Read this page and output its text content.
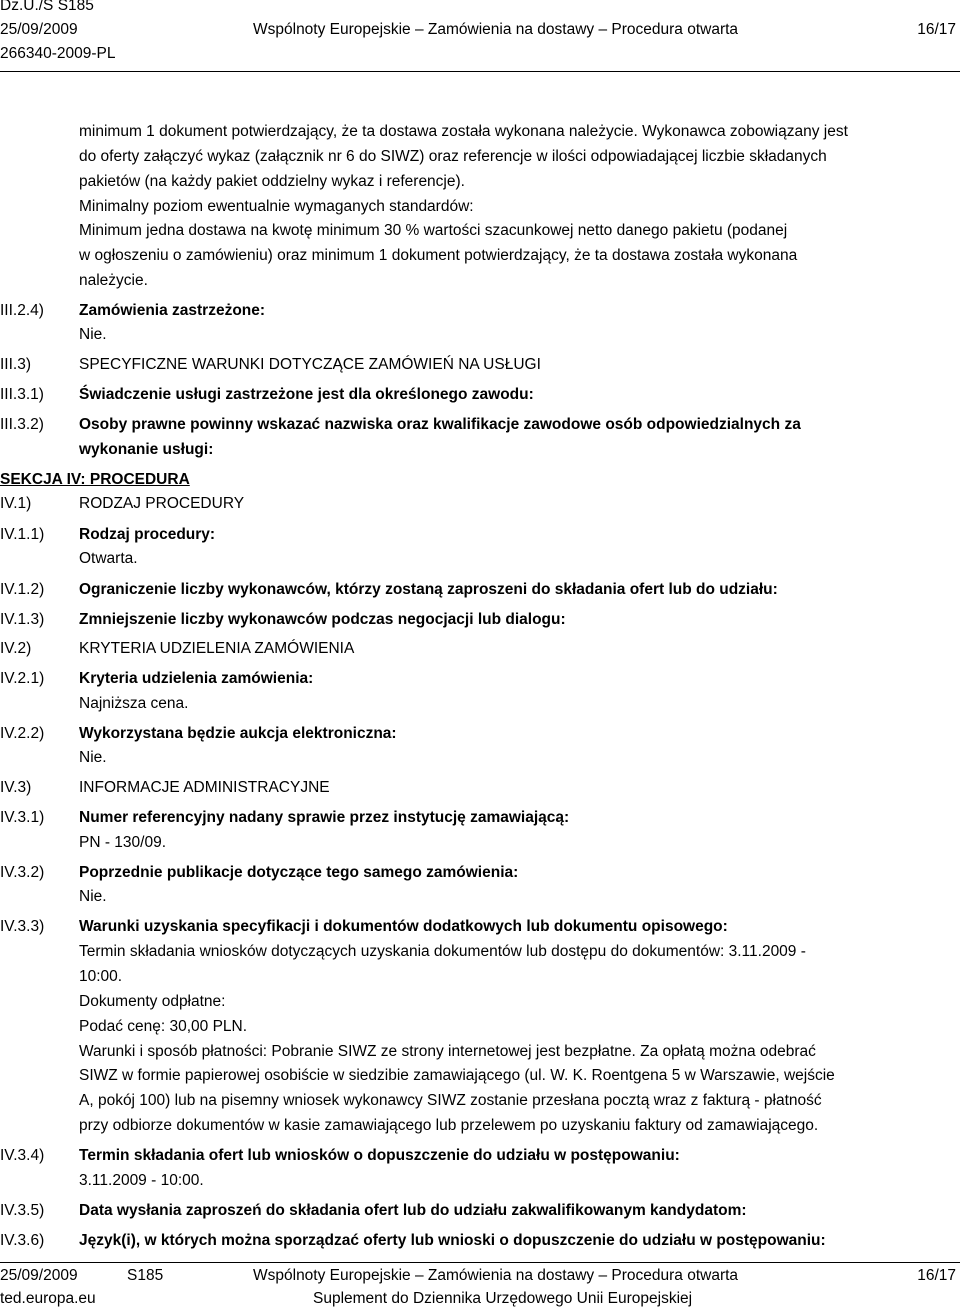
Dz.U./S S185
25/09/2009	Wspólnoty Europejskie – Zamówienia na dostawy – Procedura otwarta	16/17
266340-2009-PL
minimum 1 dokument potwierdzający, że ta dostawa została wykonana należycie. Wykonawca zobowiązany jest
do oferty załączyć wykaz (załącznik nr 6 do SIWZ) oraz referencje w ilości odpowiadającej liczbie składanych
pakietów (na każdy pakiet oddzielny wykaz i referencje).
Minimalny poziom ewentualnie wymaganych standardów:
Minimum jedna dostawa na kwotę minimum 30 % wartości szacunkowej netto danego pakietu (podanej
w ogłoszeniu o zamówieniu) oraz minimum 1 dokument potwierdzający, że ta dostawa została wykonana
należycie.
III.2.4) Zamówienia zastrzeżone:
Nie.
III.3)	SPECYFICZNE WARUNKI DOTYCZĄCE ZAMÓWIEŃ NA USŁUGI
III.3.1) Świadczenie usługi zastrzeżone jest dla określonego zawodu:
III.3.2) Osoby prawne powinny wskazać nazwiska oraz kwalifikacje zawodowe osób odpowiedzialnych za
wykonanie usługi:
SEKCJA IV: PROCEDURA
IV.1)	RODZAJ PROCEDURY
IV.1.1) Rodzaj procedury:
Otwarta.
IV.1.2) Ograniczenie liczby wykonawców, którzy zostaną zaproszeni do składania ofert lub do udziału:
IV.1.3) Zmniejszenie liczby wykonawców podczas negocjacji lub dialogu:
IV.2)	KRYTERIA UDZIELENIA ZAMÓWIENIA
IV.2.1) Kryteria udzielenia zamówienia:
Najniższa cena.
IV.2.2) Wykorzystana będzie aukcja elektroniczna:
Nie.
IV.3)	INFORMACJE ADMINISTRACYJNE
IV.3.1) Numer referencyjny nadany sprawie przez instytucję zamawiającą:
PN - 130/09.
IV.3.2) Poprzednie publikacje dotyczące tego samego zamówienia:
Nie.
IV.3.3) Warunki uzyskania specyfikacji i dokumentów dodatkowych lub dokumentu opisowego:
Termin składania wniosków dotyczących uzyskania dokumentów lub dostępu do dokumentów: 3.11.2009 -
10:00.
Dokumenty odpłatne:
Podać cenę: 30,00 PLN.
Warunki i sposób płatności: Pobranie SIWZ ze strony internetowej jest bezpłatne. Za opłatą można odebrać
SIWZ w formie papierowej osobiście w siedzibie zamawiającego (ul. W. K. Roentgena 5 w Warszawie, wejście
A, pokój 100) lub na pisemny wniosek wykonawcy SIWZ zostanie przesłana pocztą wraz z fakturą - płatność
przy odbiorze dokumentów w kasie zamawiającego lub przelewem po uzyskaniu faktury od zamawiającego.
IV.3.4) Termin składania ofert lub wniosków o dopuszczenie do udziału w postępowaniu:
3.11.2009 - 10:00.
IV.3.5) Data wysłania zaproszeń do składania ofert lub do udziału zakwalifikowanym kandydatom:
IV.3.6) Język(i), w których można sporządzać oferty lub wnioski o dopuszczenie do udziału w postępowaniu:
25/09/2009	S185	Wspólnoty Europejskie – Zamówienia na dostawy – Procedura otwarta	16/17
ted.europa.eu	Suplement do Dziennika Urzędowego Unii Europejskiej
